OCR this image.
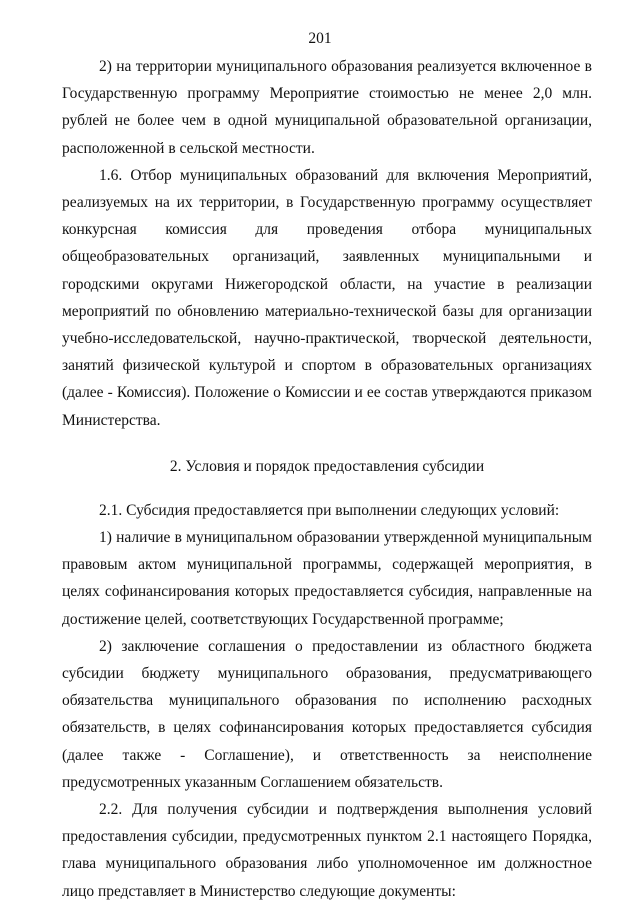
201

2) на территории муниципального образования реализуется включенное в Государственную программу Мероприятие стоимостью не менее 2,0 млн. рублей не более чем в одной муниципальной образовательной организации, расположенной в сельской местности.

1.6. Отбор муниципальных образований для включения Мероприятий, реализуемых на их территории, в Государственную программу осуществляет конкурсная комиссия для проведения отбора муниципальных общеобразовательных организаций, заявленных муниципальными и городскими округами Нижегородской области, на участие в реализации мероприятий по обновлению материально-технической базы для организации учебно-исследовательской, научно-практической, творческой деятельности, занятий физической культурой и спортом в образовательных организациях (далее - Комиссия). Положение о Комиссии и ее состав утверждаются приказом Министерства.

2. Условия и порядок предоставления субсидии

2.1. Субсидия предоставляется при выполнении следующих условий:

1) наличие в муниципальном образовании утвержденной муниципальным правовым актом муниципальной программы, содержащей мероприятия, в целях софинансирования которых предоставляется субсидия, направленные на достижение целей, соответствующих Государственной программе;

2) заключение соглашения о предоставлении из областного бюджета субсидии бюджету муниципального образования, предусматривающего обязательства муниципального образования по исполнению расходных обязательств, в целях софинансирования которых предоставляется субсидия (далее также - Соглашение), и ответственность за неисполнение предусмотренных указанным Соглашением обязательств.

2.2. Для получения субсидии и подтверждения выполнения условий предоставления субсидии, предусмотренных пунктом 2.1 настоящего Порядка, глава муниципального образования либо уполномоченное им должностное лицо представляет в Министерство следующие документы:
